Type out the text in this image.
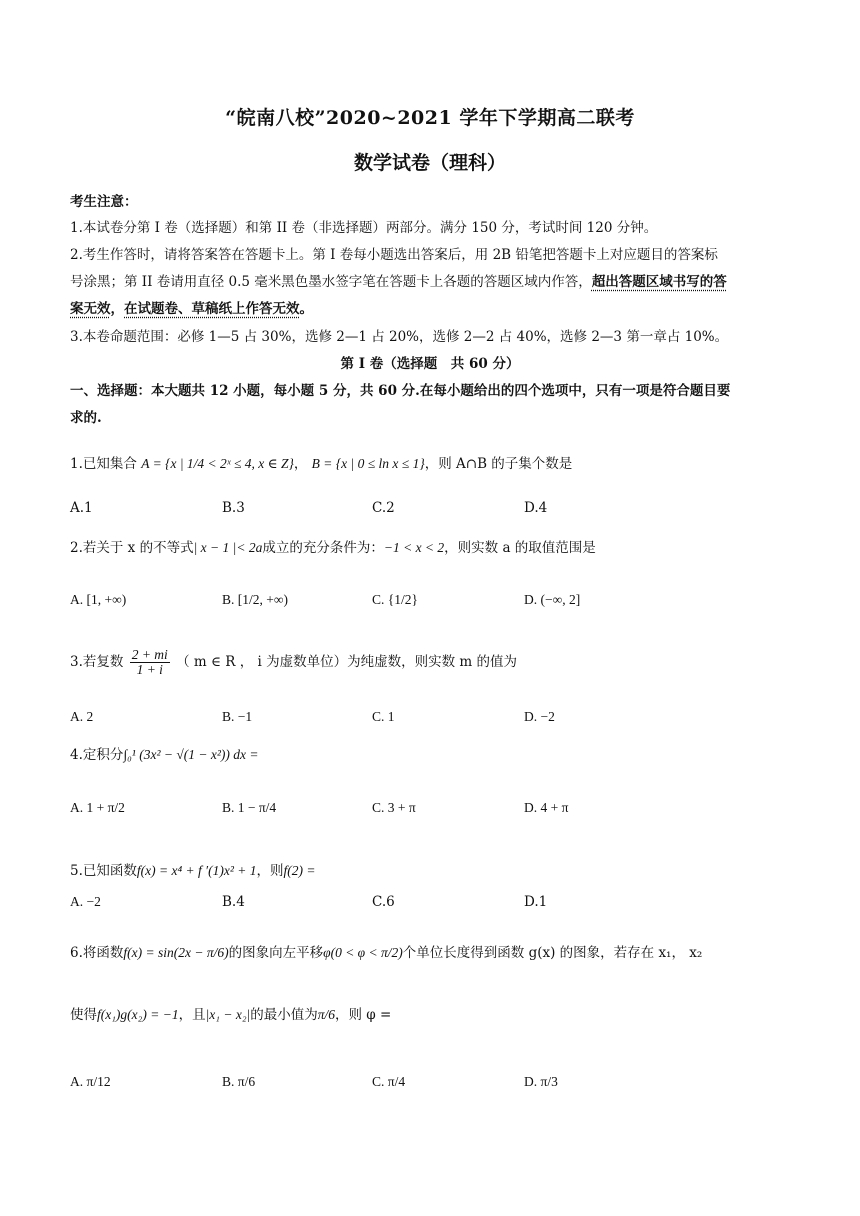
“皖南八校”2020~2021 学年下学期高二联考
数学试卷（理科）
考生注意：
1.本试卷分第 I 卷（选择题）和第 II 卷（非选择题）两部分。满分 150 分，考试时间 120 分钟。
2.考生作答时，请将答案答在答题卡上。第 I 卷每小题选出答案后，用 2B 铅笔把答题卡上对应题目的答案标
号涂黑；第 II 卷请用直径 0.5 毫米黑色墨水签字笔在答题卡上各题的答题区域内作答，超出答题区域书写的答
案无效，在试题卷、草稿纸上作答无效。
3.本卷命题范围：必修 1—5 占 30%，选修 2—1 占 20%，选修 2—2 占 40%，选修 2—3 第一章占 10%。
第 I 卷（选择题　共 60 分）
一、选择题：本大题共 12 小题，每小题 5 分，共 60 分.在每小题给出的四个选项中，只有一项是符合题目要
求的.
1.已知集合 A = {x | 1/4 < 2ˣ ≤ 4, x ∈ Z}， B = {x | 0 ≤ ln x ≤ 1}，则 A∩B 的子集个数是
A.1	B.3	C.2	D.4
2.若关于 x 的不等式| x − 1 |< 2a成立的充分条件为：−1 < x < 2，则实数 a 的取值范围是
A. [1, +∞)	B. [1/2, +∞)	C. {1/2}	D. (−∞, 2]
3.若复数 $\frac{2 + mi}{1 + i}$ （ m ∈ R ， i 为虚数单位）为纯虚数，则实数 m 的值为
A. 2	B. −1	C. 1	D. −2
4.定积分∫₀¹ (3x² − √(1 − x²)) dx =
A. 1 + π/2	B. 1 − π/4	C. 3 + π	D. 4 + π
5.已知函数f(x) = x⁴ + f ′(1)x² + 1，则f(2) =
A. −2	B.4	C.6	D.1
6.将函数f(x) = sin(2x − π/6)的图象向左平移φ(0 < φ < π/2)个单位长度得到函数 g(x) 的图象，若存在 x₁， x₂
使得f(x₁)g(x₂) = −1，且|x₁ − x₂|的最小值为π/6，则 φ =
A. π/12	B. π/6	C. π/4	D. π/3
